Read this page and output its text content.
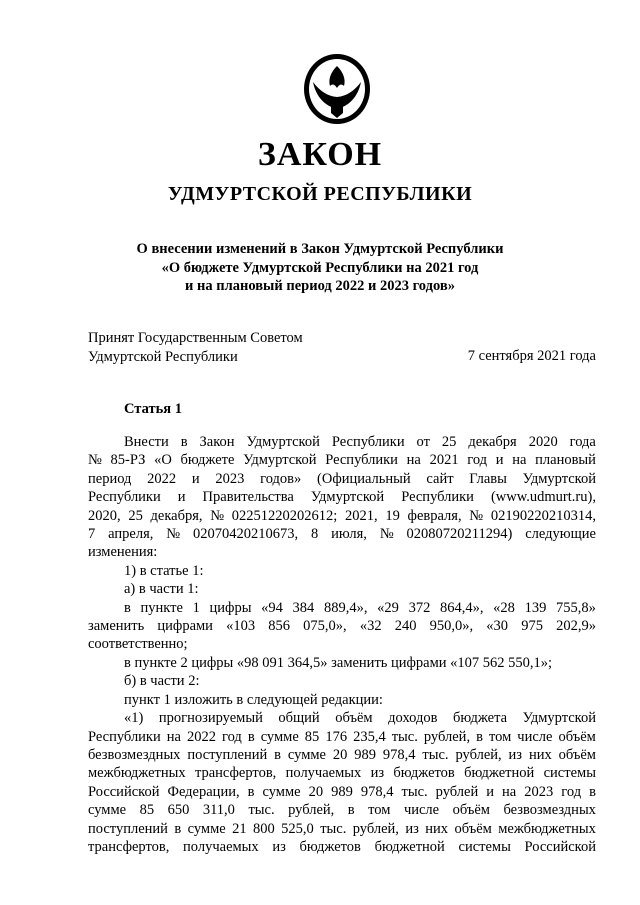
ЗАКОН
УДМУРТСКОЙ РЕСПУБЛИКИ
О внесении изменений в Закон Удмуртской Республики
«О бюджете Удмуртской Республики на 2021 год
и на плановый период 2022 и 2023 годов»
Принят Государственным Советом
Удмуртской Республики	7 сентября 2021 года
Статья 1
Внести в Закон Удмуртской Республики от 25 декабря 2020 года
№ 85-РЗ «О бюджете Удмуртской Республики на 2021 год и на плановый
период 2022 и 2023 годов» (Официальный сайт Главы Удмуртской
Республики и Правительства Удмуртской Республики (www.udmurt.ru),
2020, 25 декабря, № 02251220202612; 2021, 19 февраля, № 02190220210314,
7 апреля, № 02070420210673, 8 июля, № 02080720211294) следующие
изменения:
1) в статье 1:
а) в части 1:
в пункте 1 цифры «94 384 889,4», «29 372 864,4», «28 139 755,8»
заменить цифрами «103 856 075,0», «32 240 950,0», «30 975 202,9»
соответственно;
в пункте 2 цифры «98 091 364,5» заменить цифрами «107 562 550,1»;
б) в части 2:
пункт 1 изложить в следующей редакции:
«1) прогнозируемый общий объём доходов бюджета Удмуртской
Республики на 2022 год в сумме 85 176 235,4 тыс. рублей, в том числе объём
безвозмездных поступлений в сумме 20 989 978,4 тыс. рублей, из них объём
межбюджетных трансфертов, получаемых из бюджетов бюджетной системы
Российской Федерации, в сумме 20 989 978,4 тыс. рублей и на 2023 год в
сумме 85 650 311,0 тыс. рублей, в том числе объём безвозмездных
поступлений в сумме 21 800 525,0 тыс. рублей, из них объём межбюджетных
трансфертов, получаемых из бюджетов бюджетной системы Российской
